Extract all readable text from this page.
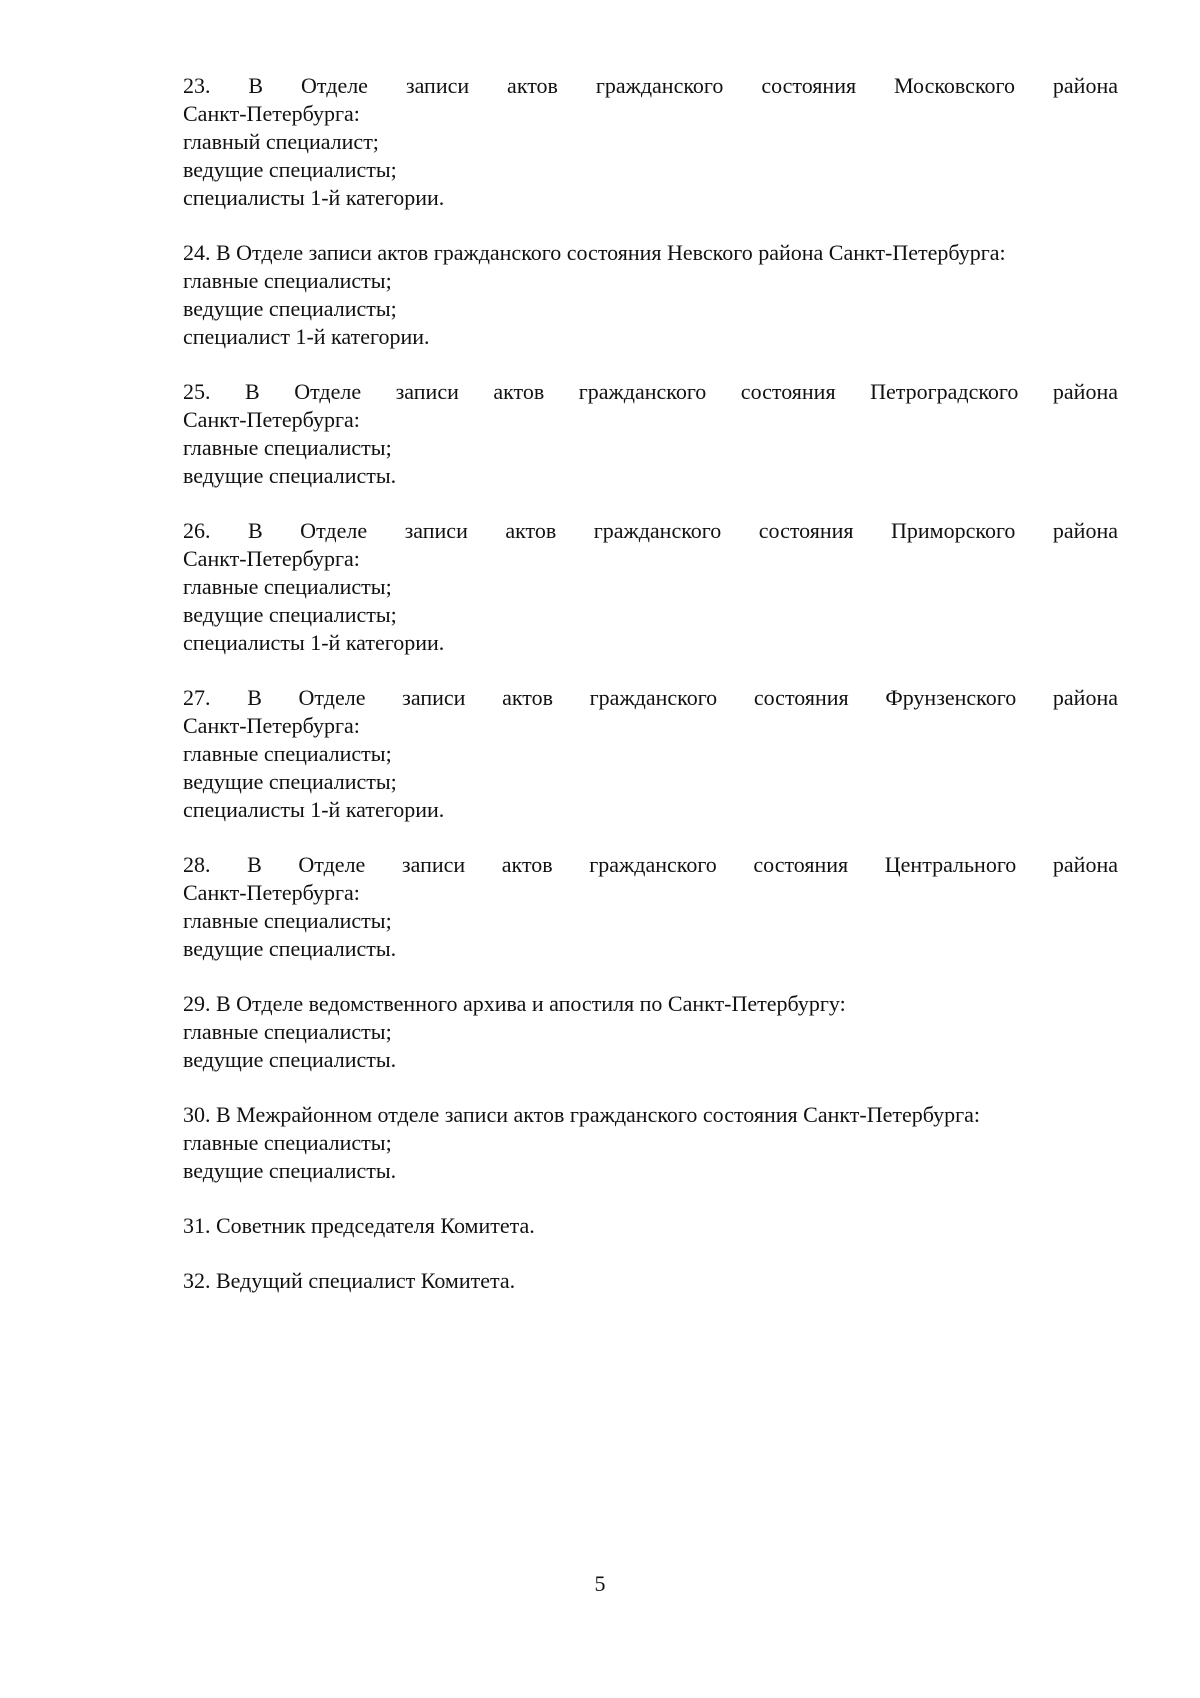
23. В Отделе записи актов гражданского состояния Московского района
Санкт-Петербурга:
главный специалист;
ведущие специалисты;
специалисты 1-й категории.
24. В Отделе записи актов гражданского состояния Невского района Санкт-Петербурга:
главные специалисты;
ведущие специалисты;
специалист 1-й категории.
25. В Отделе записи актов гражданского состояния Петроградского района
Санкт-Петербурга:
главные специалисты;
ведущие специалисты.
26. В Отделе записи актов гражданского состояния Приморского района
Санкт-Петербурга:
главные специалисты;
ведущие специалисты;
специалисты 1-й категории.
27. В Отделе записи актов гражданского состояния Фрунзенского района
Санкт-Петербурга:
главные специалисты;
ведущие специалисты;
специалисты 1-й категории.
28. В Отделе записи актов гражданского состояния Центрального района
Санкт-Петербурга:
главные специалисты;
ведущие специалисты.
29. В Отделе ведомственного архива и апостиля по Санкт-Петербургу:
главные специалисты;
ведущие специалисты.
30. В Межрайонном отделе записи актов гражданского состояния Санкт-Петербурга:
главные специалисты;
ведущие специалисты.
31. Советник председателя Комитета.
32. Ведущий специалист Комитета.
5
